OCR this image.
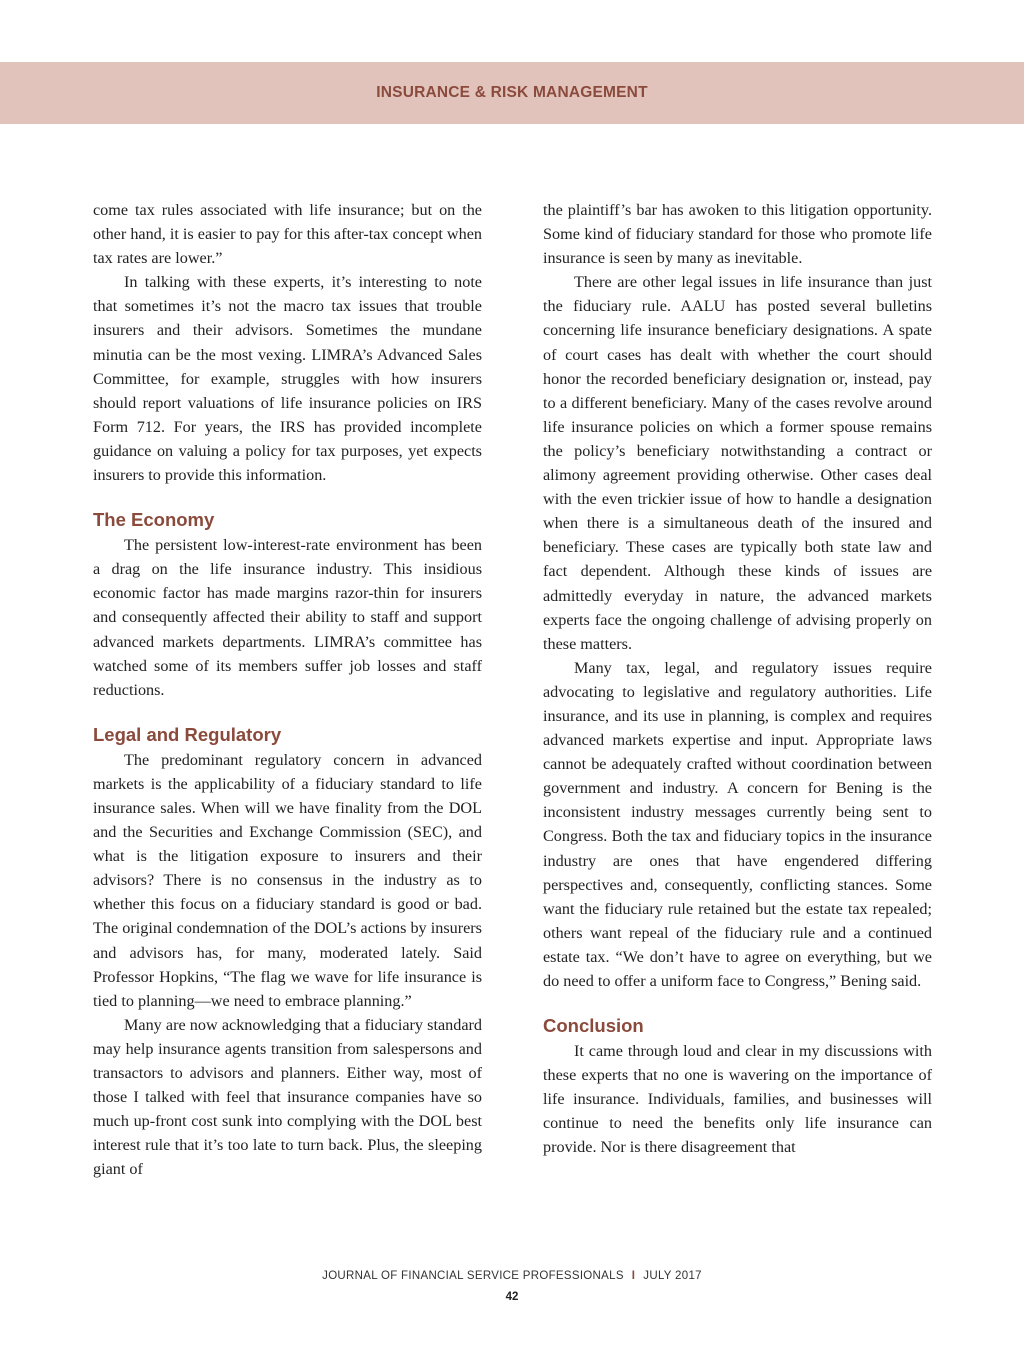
INSURANCE & RISK MANAGEMENT

come tax rules associated with life insurance; but on the other hand, it is easier to pay for this after-tax concept when tax rates are lower.”

In talking with these experts, it’s interesting to note that sometimes it’s not the macro tax issues that trouble insurers and their advisors. Sometimes the mundane minutia can be the most vexing. LIMRA’s Advanced Sales Committee, for example, struggles with how insurers should report valuations of life insurance policies on IRS Form 712. For years, the IRS has provided incomplete guidance on valuing a policy for tax purposes, yet expects insurers to provide this information.

The Economy

The persistent low-interest-rate environment has been a drag on the life insurance industry. This insidious economic factor has made margins razor-thin for insurers and consequently affected their ability to staff and support advanced markets departments. LIMRA’s committee has watched some of its members suffer job losses and staff reductions.

Legal and Regulatory

The predominant regulatory concern in advanced markets is the applicability of a fiduciary standard to life insurance sales. When will we have finality from the DOL and the Securities and Exchange Commission (SEC), and what is the litigation exposure to insurers and their advisors? There is no consensus in the industry as to whether this focus on a fiduciary standard is good or bad. The original condemnation of the DOL’s actions by insurers and advisors has, for many, moderated lately. Said Professor Hopkins, “The flag we wave for life insurance is tied to planning—we need to embrace planning.”

Many are now acknowledging that a fiduciary standard may help insurance agents transition from salespersons and transactors to advisors and planners. Either way, most of those I talked with feel that insurance companies have so much up-front cost sunk into complying with the DOL best interest rule that it’s too late to turn back. Plus, the sleeping giant of

the plaintiff’s bar has awoken to this litigation opportunity. Some kind of fiduciary standard for those who promote life insurance is seen by many as inevitable.

There are other legal issues in life insurance than just the fiduciary rule. AALU has posted several bulletins concerning life insurance beneficiary designations. A spate of court cases has dealt with whether the court should honor the recorded beneficiary designation or, instead, pay to a different beneficiary. Many of the cases revolve around life insurance policies on which a former spouse remains the policy’s beneficiary notwithstanding a contract or alimony agreement providing otherwise. Other cases deal with the even trickier issue of how to handle a designation when there is a simultaneous death of the insured and beneficiary. These cases are typically both state law and fact dependent. Although these kinds of issues are admittedly everyday in nature, the advanced markets experts face the ongoing challenge of advising properly on these matters.

Many tax, legal, and regulatory issues require advocating to legislative and regulatory authorities. Life insurance, and its use in planning, is complex and requires advanced markets expertise and input. Appropriate laws cannot be adequately crafted without coordination between government and industry. A concern for Bening is the inconsistent industry messages currently being sent to Congress. Both the tax and fiduciary topics in the insurance industry are ones that have engendered differing perspectives and, consequently, conflicting stances. Some want the fiduciary rule retained but the estate tax repealed; others want repeal of the fiduciary rule and a continued estate tax. “We don’t have to agree on everything, but we do need to offer a uniform face to Congress,” Bening said.

Conclusion

It came through loud and clear in my discussions with these experts that no one is wavering on the importance of life insurance. Individuals, families, and businesses will continue to need the benefits only life insurance can provide. Nor is there disagreement that

JOURNAL OF FINANCIAL SERVICE PROFESSIONALS I JULY 2017
42
